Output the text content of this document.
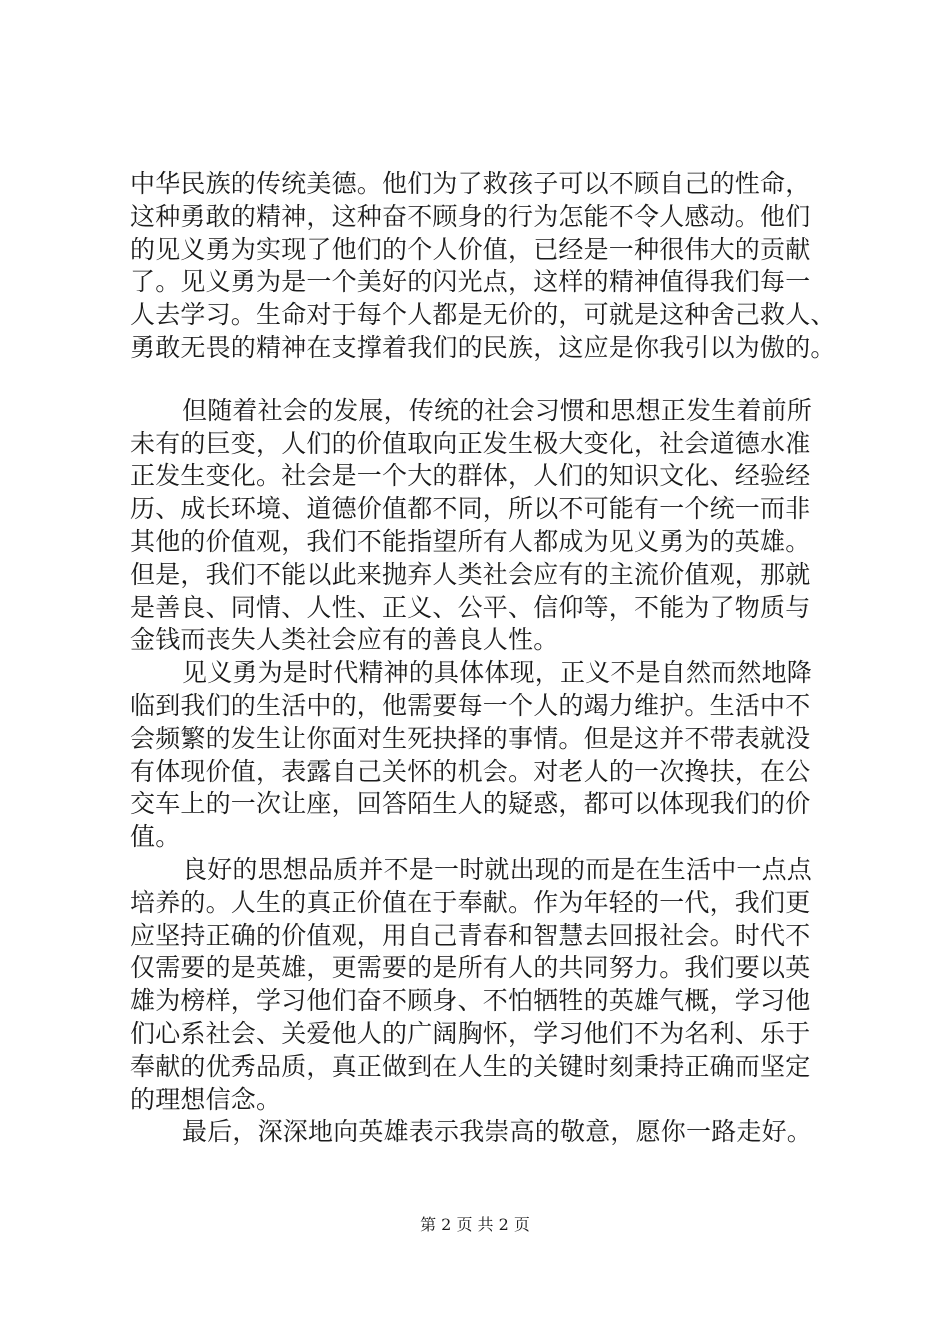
中华民族的传统美德。他们为了救孩子可以不顾自己的性命，
这种勇敢的精神，这种奋不顾身的行为怎能不令人感动。他们
的见义勇为实现了他们的个人价值，已经是一种很伟大的贡献
了。见义勇为是一个美好的闪光点，这样的精神值得我们每一
人去学习。生命对于每个人都是无价的，可就是这种舍己救人、
勇敢无畏的精神在支撑着我们的民族，这应是你我引以为傲的。
但随着社会的发展，传统的社会习惯和思想正发生着前所
未有的巨变，人们的价值取向正发生极大变化，社会道德水准
正发生变化。社会是一个大的群体，人们的知识文化、经验经
历、成长环境、道德价值都不同，所以不可能有一个统一而非
其他的价值观，我们不能指望所有人都成为见义勇为的英雄。
但是，我们不能以此来抛弃人类社会应有的主流价值观，那就
是善良、同情、人性、正义、公平、信仰等，不能为了物质与
金钱而丧失人类社会应有的善良人性。
见义勇为是时代精神的具体体现，正义不是自然而然地降
临到我们的生活中的，他需要每一个人的竭力维护。生活中不
会频繁的发生让你面对生死抉择的事情。但是这并不带表就没
有体现价值，表露自己关怀的机会。对老人的一次搀扶，在公
交车上的一次让座，回答陌生人的疑惑，都可以体现我们的价
值。
良好的思想品质并不是一时就出现的而是在生活中一点点
培养的。人生的真正价值在于奉献。作为年轻的一代，我们更
应坚持正确的价值观，用自己青春和智慧去回报社会。时代不
仅需要的是英雄，更需要的是所有人的共同努力。我们要以英
雄为榜样，学习他们奋不顾身、不怕牺牲的英雄气概，学习他
们心系社会、关爱他人的广阔胸怀，学习他们不为名利、乐于
奉献的优秀品质，真正做到在人生的关键时刻秉持正确而坚定
的理想信念。
最后，深深地向英雄表示我崇高的敬意，愿你一路走好。
第 2 页 共 2 页
